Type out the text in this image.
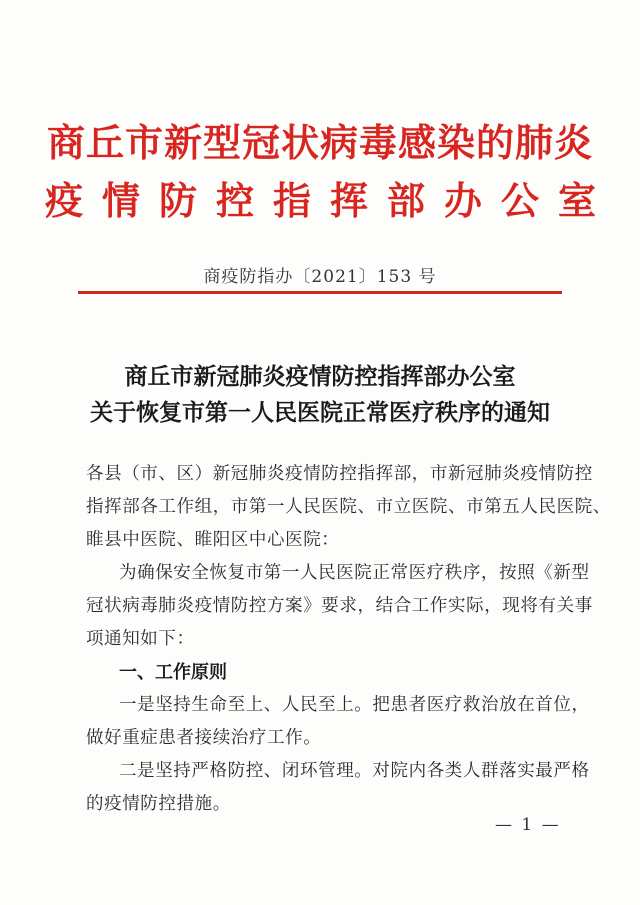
商丘市新型冠状病毒感染的肺炎
疫情防控指挥部办公室
商疫防指办〔2021〕153 号
商丘市新冠肺炎疫情防控指挥部办公室
关于恢复市第一人民医院正常医疗秩序的通知
各县（市、区）新冠肺炎疫情防控指挥部，市新冠肺炎疫情防控
指挥部各工作组，市第一人民医院、市立医院、市第五人民医院、
睢县中医院、睢阳区中心医院：
为确保安全恢复市第一人民医院正常医疗秩序，按照《新型
冠状病毒肺炎疫情防控方案》要求，结合工作实际，现将有关事
项通知如下：
一、工作原则
一是坚持生命至上、人民至上。把患者医疗救治放在首位，
做好重症患者接续治疗工作。
二是坚持严格防控、闭环管理。对院内各类人群落实最严格
的疫情防控措施。
— 1 —
